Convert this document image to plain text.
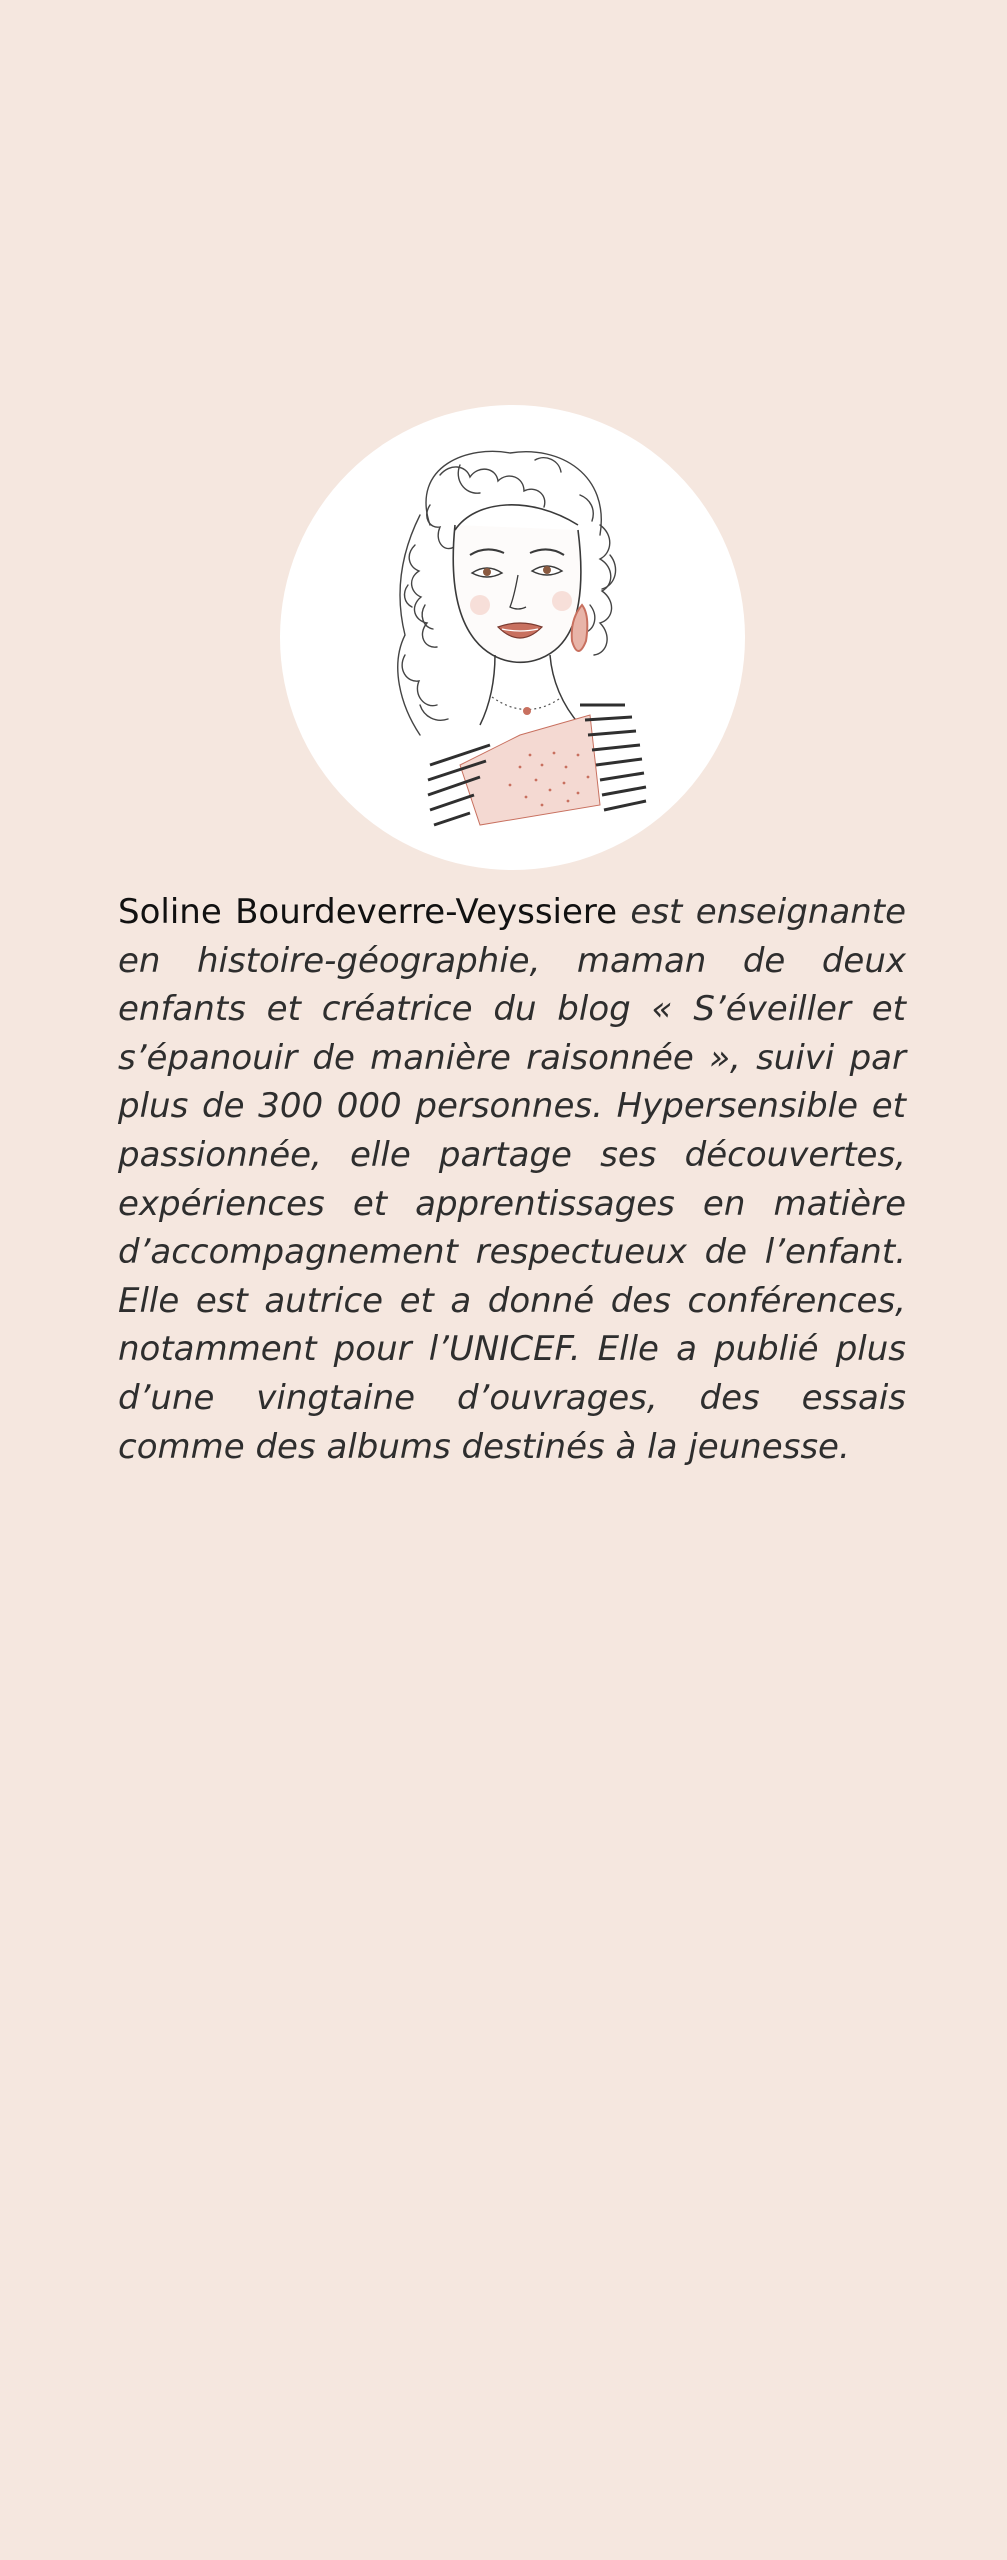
Soline Bourdeverre-Veyssiere est enseignante en histoire-géographie, maman de deux enfants et créatrice du blog « S’éveiller et s’épanouir de manière raisonnée », suivi par plus de 300 000 personnes. Hypersensible et passionnée, elle partage ses découvertes, expériences et apprentissages en matière d’accompagnement respectueux de l’enfant. Elle est autrice et a donné des conférences, notamment pour l’UNICEF. Elle a publié plus d’une vingtaine d’ouvrages, des essais comme des albums destinés à la jeunesse.
